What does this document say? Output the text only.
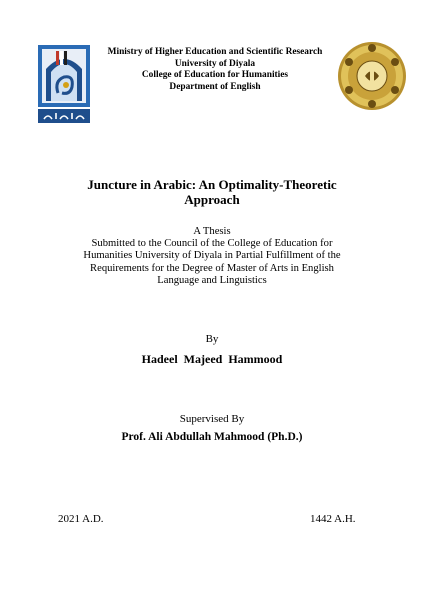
Ministry of Higher Education and Scientific Research
University of Diyala
College of Education for Humanities
Department of English
Juncture in Arabic: An Optimality-Theoretic
Approach
A Thesis
Submitted to the Council of the College of Education for
Humanities University of Diyala in Partial Fulfillment of the
Requirements for the Degree of Master of Arts in English
Language and Linguistics
By
Hadeel Majeed Hammood
Supervised By
Prof. Ali Abdullah Mahmood (Ph.D.)
2021 A.D.	1442 A.H.
